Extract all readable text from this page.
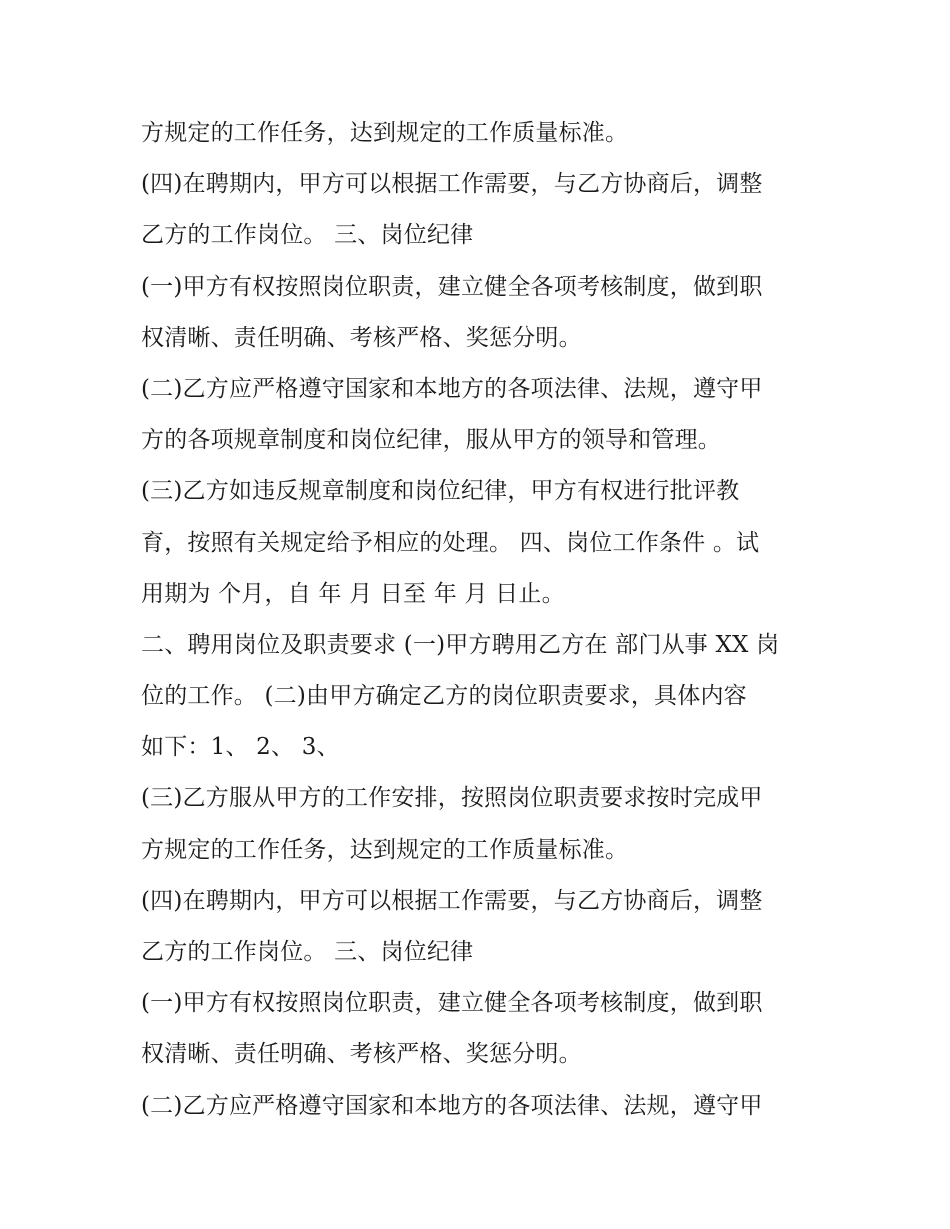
方规定的工作任务，达到规定的工作质量标准。
(四)在聘期内，甲方可以根据工作需要，与乙方协商后，调整
乙方的工作岗位。 三、岗位纪律
(一)甲方有权按照岗位职责，建立健全各项考核制度，做到职
权清晰、责任明确、考核严格、奖惩分明。
(二)乙方应严格遵守国家和本地方的各项法律、法规，遵守甲
方的各项规章制度和岗位纪律，服从甲方的领导和管理。
(三)乙方如违反规章制度和岗位纪律，甲方有权进行批评教
育，按照有关规定给予相应的处理。 四、岗位工作条件 。试
用期为 个月，自 年 月 日至 年 月 日止。
二、聘用岗位及职责要求 (一)甲方聘用乙方在 部门从事 XX 岗
位的工作。 (二)由甲方确定乙方的岗位职责要求，具体内容
如下：1、 2、 3、
(三)乙方服从甲方的工作安排，按照岗位职责要求按时完成甲
方规定的工作任务，达到规定的工作质量标准。
(四)在聘期内，甲方可以根据工作需要，与乙方协商后，调整
乙方的工作岗位。 三、岗位纪律
(一)甲方有权按照岗位职责，建立健全各项考核制度，做到职
权清晰、责任明确、考核严格、奖惩分明。
(二)乙方应严格遵守国家和本地方的各项法律、法规，遵守甲
